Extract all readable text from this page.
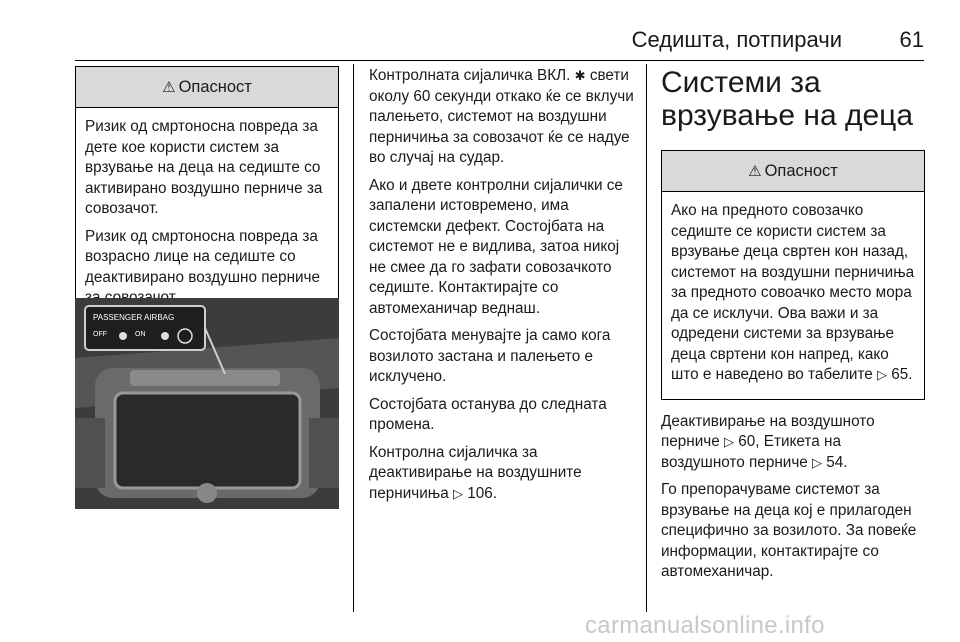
Седишта, потпирачи	61
⚠ Опасност

Ризик од смртоносна повреда за дете кое користи систем за врзување на деца на седиште со активирано воздушно перниче за совозачот.

Ризик од смртоносна повреда за возрасно лице на седиште со деактивирано воздушно перниче

PASSENGER AIRBAG
OFF	ON

Контролната сијаличка ВКЛ. ✱ свети околу 60 секунди откако ќе се вклучи палењето, системот на воздушни перничиња за совозачот ќе се надуе во случај на судар.

Ако и двете контролни сијалички се запалени истовремено, има системски дефект. Состојбата на системот не е видлива, затоа никој не смее да го зафати совозачкото седиште. Контактирајте со автомеханичар веднаш.

Состојбата менувајте ја само кога возилото застана и палењето е исклучено.

Состојбата останува до следната промена.

Контролна сијаличка за деактивирање на воздушните перничиња ▷ 106.

Системи за врзување на деца
⚠ Опасност

Ако на предното совозачко седиште се користи систем за врзување деца свртен кон назад, системот на воздушни перничиња за предното совоачко место мора да се исклучи. Ова важи и за одредени системи за врзување деца свртени кон напред, како што е наведено во табелите ▷ 65.

Деактивирање на воздушното перниче ▷ 60, Етикета на воздушното перниче ▷ 54.

Го препорачуваме системот за врзување на деца кој е прилагоден специфично за возилото. За повеќе информации, контактирајте со автомеханичар.

carmanualsonline.info
